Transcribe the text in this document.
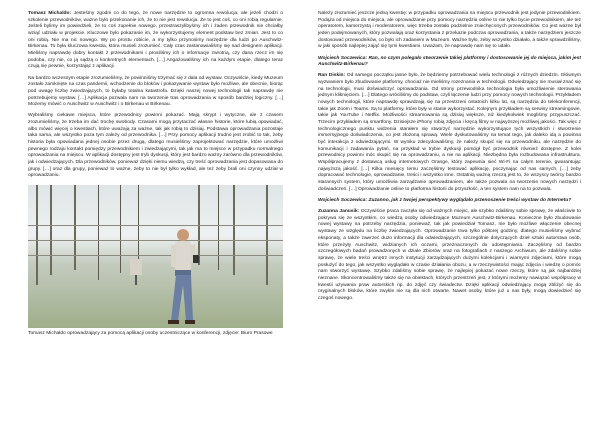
Tomasz Michaldo: Jesteśmy zgodni co do tego, że nowe narzędzie to ogromna rewolucja, ale jeżeli chodzi o szkolenie przewodników, ważne było przekonanie ich, że to nie jest rewolucja. Że to jest coś, co oni robią regularnie. Jeśteli bylimy im powiedzieli, że to coś zupełnie nowego, przestraszylibyśmy ich i żaden przewodnik nie chciałby wziąć udziału w projekcie. Kluczowe było pokazanie im, że wykorzystujemy element podstaw bez zmian. Jest to co oni robią. Nie ma nic nowego. Wy po prostu robicie, a my tylko przynosimy narzędzie dla ludzi po Auschwitz-Birkenau. To była kluczowa kwestia, która musieli zrozumieć. Cały czas zastanawialiśmy się nad designem aplikacji. Mieliśmy naprawdę dobry kontakt z przewodnikami i prosiliśmy ich o informacje zwrotną, czy dana rzecz im się podoba, czy nie, co ją sądzą o konkretnych elementach. […] Angażowaliśmy ich na każdym etapie, dlatego teraz czują się pewnie, korzystając z aplikacji.

Na bardzo wczesnym etapie zrozumieliśmy, że powinniśmy trzymać się z dala od wystaw. Oczywiście, kiedy Muzeum zostało zamknięte na czas pandemii, wchodzenie do bloków i pokazywanie wystaw było możliwe, ale obecnie, biorąc pod uwagę liczbę zwiedzających, to byłaby totalna katastrofa. Dzięki naszej nowej technologii tak naprawdę nie potrzebujemy wystaw. […] Aplikacja pozwala nam na tworzenie tras oprowadzania w sposób bardziej logiczny. […] Możemy mówić o Auschwitz w Auschwitz i o Birkenau w Birkenau.

Wybraliśmy ciekawe miejsca, które przewodnicy powinni pokazać. Mają skrypt i wytyczne, ale z czasem zrozumieliśmy, że trzeba im dać trochę swobody. Czasami mogą przytaczać własne historie, które lubią opowiadać, albo mówić więcej o kwestiach, które uważają za ważne, tak jak robią to dzisiaj. Podstawa oprowadzania pozostaje taka sama, ale wszystko poza tym zależy od przewodnika. […] Przy pomocy aplikacji trudno jest zrobić to tak, żeby historia była opowiadana jednej osobie przez drugą, dlatego musieliśmy zaprojektować narzędzie, które umożliwi pewnego rodzaju kontakt pomiędzy przewodnikiem i zwiedzającymi, tak jak ma to miejsce w przypadku normalnego oprowadzania na miejscu. W aplikacji dostępny jest tryb dyskusji, który jest bardzo ważny zarówno dla przewodników, jak i odwiedzających. Dla przewodników, ponieważ dzięki niemu wiedzą, czy treść oprowadzania jest dopasowana do grupy. […] oraz dla grupy, ponieważ to ważne, żeby to nie był tylko wykład, ale też żeby brali oni czynny udział w oprowadzaniu.

Tomasz Michałdo oprowadzający za pomocą aplikacji osoby uczestniczące w konferencji, zdjęcie: Biuro Prasowe

Należy zrozumieć jeszcze jedną kwestię: w przypadku oprowadzania na miejscu przewodnik jest jedynie przewodnikiem. Podąża od miejsca do miejsca, ale oprowadzanie przy pomocy narzędzia online to nie tylko bycie przewodnikiem, ale też operatorem, kamerzystą i moderatorem, więc trzeba zostało podzielnie zniechęconych przewodników. Co jest ważne był jeden podejmowanych, który pozwalają oraz korzystania z przekazie podczas oprowadzania, a także narzędziem jeszcze dostosować przewodników, co było ich zadaniem w Muzeum. Ważne było, żeby wszystko działało, a także sprawdziliśmy, w jaki sposób najlepiej zająć się tymi kwestiami. Uważam, że naprawdę nam się to udało.

Wojciech Soczewica: Ran, no czym polegało stworzenie takiej platformy i dostosowanie jej do miejsca, jakim jest Auschwitz-Birkenau?

Ran Diskin: Od samego początku jasne było, że będziemy potrzebować wielu technologii z różnych dziedzin. Głównym wyzwaniem było zbudowanie platformy, chociaż nie mieliśmy rozeznania w technologii. Odwiedzający nie musiał znać się na technologii, musi doświadczyć oprowadzania. Od strony przewodnika technologia była umożliwienie sterowania jednym kliknięciem. […] Dlatego wróciliśmy do podstaw, czyli łączenie ludzi przy pomocy nowych technologii. Przykładem nowych technologii, które naprawdę sprawdzają się na przestrzeni ostatnich kilku lat, są narzędzia do telekonferencji, takie jak Zoom i Teams. Są to platformy, które były w stanie wykorzystać. Kolejnym przykładem są serwisy streamingowe, takie jak YouTube i Netflix. Możliwości streamowania są dzisiaj większe, niż kiedykolwiek mogliśmy przypuszczać. Trzecim przykładem są smartfony. Dzisiejsze iPhony robią zdjęcia i kręcą filmy w najwyższej możliwej jakości. Tak więc z technologicznego punktu widzenia starałem się stworzyć narzędzie wykorzystujące tych wszystkich i stworzenie immersyjnego doświadczenia, co jest złożoną sprawą. Wiele dyskutowaliśmy na temat tego, jak daleko idą a powinna być interakcja z odwiedzającymi. W wyniku zdecydowaliśmy, że należy skupić się na przewodniku, ale narzędzie do komunikacji i zadawania pytań, na przykład w trybie dyskusji pomógł być przewodnik również dostępne. Z kolei przewodnicy powinni móc skupić się na oprowadzaniu, a nie na aplikacji. Niezbędna była rozbudowana infrastruktura. Współpracujemy z dostawcą usług internetowych Orange, który zapewnia sieć Wi-Fi na całym terenie, gwarantując najwyższą jakość. […] Kilka miesięcy temu zaczęliśmy testować aplikację, poczynając od nas samych, […] żeby dopracować technologie, oprowadzanie, treści i wszystko inne. Ostatnią ważną rzeczą jest to, że wszyscy twórcy bardzo starannych system, który umożliwia zarządzanie oprowadzaniem, ale także pozwala na tworzenie nowych narzędzi i doświadczeń. […] Oprowadzanie online to platforma historii do przyszłość, a ten system nam na to pozwala.

Wojciech Soczewica: Zuzanno, jak z twojej perspektywy wyglądało przenoszenie treści wystaw do Internetu?

Zuzanna Janusik: Oczywiście praca zaczęła się od ważnych miejsc, ale szybko zdaliśmy sobie sprawę, że właściwie to pokrywa się ze wszystkim, co wiedzą osoby odwiedzające Muzeum Auschwitz-Birkenau. Konieczne było zbudowanie nowej wystawy na potrzeby narzędzia, ponieważ, tak jak powiedział Tomasz, nie było możliwe włączenie obecnej wystawy ze względu na liczbę zwiedzających. Oprowadzanie trwa tylko półtorej godziny, dlatego musieliśmy wybrać eksponaty, a także zawrzeć dużo informacji dla odwiedzających, szczególnie dotyczących dzieł sztuki autorstwa osób, które przeżyły Auschwitz, widzianych ich oczami, przeznaczonych do udostępniania. Zaczęliśmy od bardzo szczegółowych badań prowadzonych w dziale Zbiorów oraz na fotografiach z naszego Archiwum, ale zdaliśmy sobie sprawę, że wiele treści wnętrz innych instytucji zarządzających dużymi kolekcjami i wiarnymi zdjęciami, które mogą posłużyć do tego, jak wszystko wyglądało w czasie działania obozu, a w rzeczywistości mając zdjęcia i wiedzę o pomóc nam stworzyć wystawę. Szybko zdaliśmy sobie sprawę, że najlepiej pokazać nowe rzeczy, które są jak najbardziej nieznane. Skoncentrowaliśmy także się na obiektach, których przestrzeń jest, z którymi możemy nawiązać współpracę w kwestii używania praw autorskich np. do zdjęć czy świadectw. Dzięki aplikacji odwiedzający mogą zbliżyć się do oryginalnych bloków, które zwykle nie są dla nich otwarte. Nawet osoby, które już u nas były, mogą dowiedzieć się czegoś nowego.
